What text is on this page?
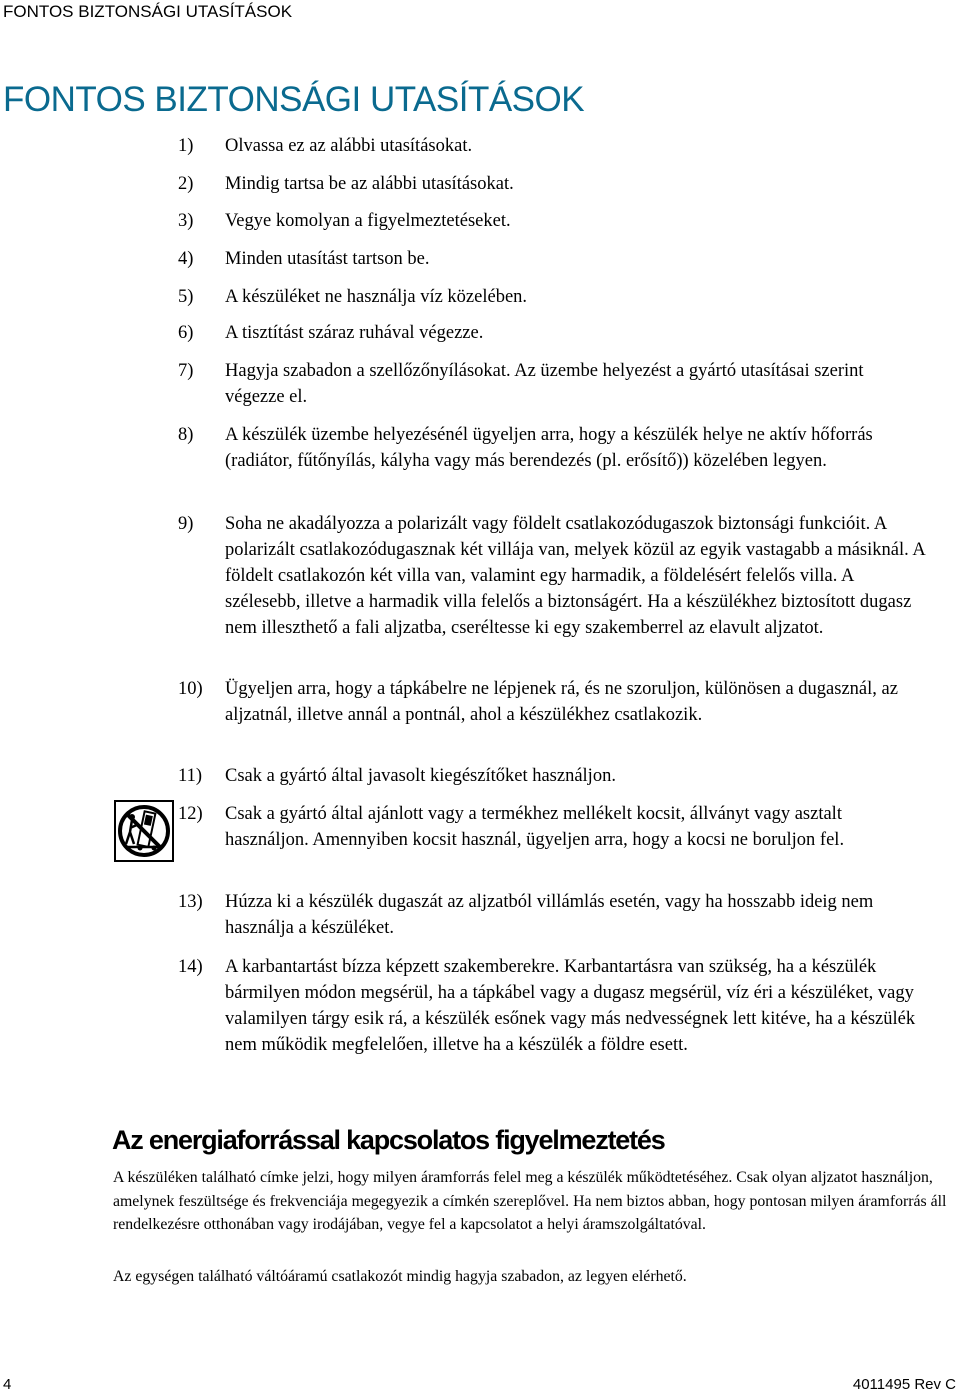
FONTOS BIZTONSÁGI UTASÍTÁSOK
FONTOS BIZTONSÁGI UTASÍTÁSOK
1) Olvassa ez az alábbi utasításokat.
2) Mindig tartsa be az alábbi utasításokat.
3) Vegye komolyan a figyelmeztetéseket.
4) Minden utasítást tartson be.
5) A készüléket ne használja víz közelében.
6) A tisztítást száraz ruhával végezze.
7) Hagyja szabadon a szellőzőnyílásokat. Az üzembe helyezést a gyártó utasításai szerint végezze el.
8) A készülék üzembe helyezésénél ügyeljen arra, hogy a készülék helye ne aktív hőforrás (radiátor, fűtőnyílás, kályha vagy más berendezés (pl. erősítő)) közelében legyen.
9) Soha ne akadályozza a polarizált vagy földelt csatlakozódugaszok biztonsági funkcióit. A polarizált csatlakozódugasznak két villája van, melyek közül az egyik vastagabb a másiknál. A földelt csatlakozón két villa van, valamint egy harmadik, a földelésért felelős villa. A szélesebb, illetve a harmadik villa felelős a biztonságért. Ha a készülékhez biztosított dugasz nem illeszthető a fali aljzatba, cseréltesse ki egy szakemberrel az elavult aljzatot.
10) Ügyeljen arra, hogy a tápkábelre ne lépjenek rá, és ne szoruljon, különösen a dugasznál, az aljzatnál, illetve annál a pontnál, ahol a készülékhez csatlakozik.
11) Csak a gyártó által javasolt kiegészítőket használjon.
12) Csak a gyártó által ajánlott vagy a termékhez mellékelt kocsit, állványt vagy asztalt használjon. Amennyiben kocsit használ, ügyeljen arra, hogy a kocsi ne boruljon fel.
13) Húzza ki a készülék dugaszát az aljzatból villámlás esetén, vagy ha hosszabb ideig nem használja a készüléket.
14) A karbantartást bízza képzett szakemberekre. Karbantartásra van szükség, ha a készülék bármilyen módon megsérül, ha a tápkábel vagy a dugasz megsérül, víz éri a készüléket, vagy valamilyen tárgy esik rá, a készülék esőnek vagy más nedvességnek lett kitéve, ha a készülék nem működik megfelelően, illetve ha a készülék a földre esett.
Az energiaforrással kapcsolatos figyelmeztetés

A készüléken található címke jelzi, hogy milyen áramforrás felel meg a készülék működtetéséhez. Csak olyan aljzatot használjon, amelynek feszültsége és frekvenciája megegyezik a címkén szereplővel. Ha nem biztos abban, hogy pontosan milyen áramforrás áll rendelkezésre otthonában vagy irodájában, vegye fel a kapcsolatot a helyi áramszolgáltatóval.

Az egységen található váltóáramú csatlakozót mindig hagyja szabadon, az legyen elérhető.

4	4011495 Rev C
